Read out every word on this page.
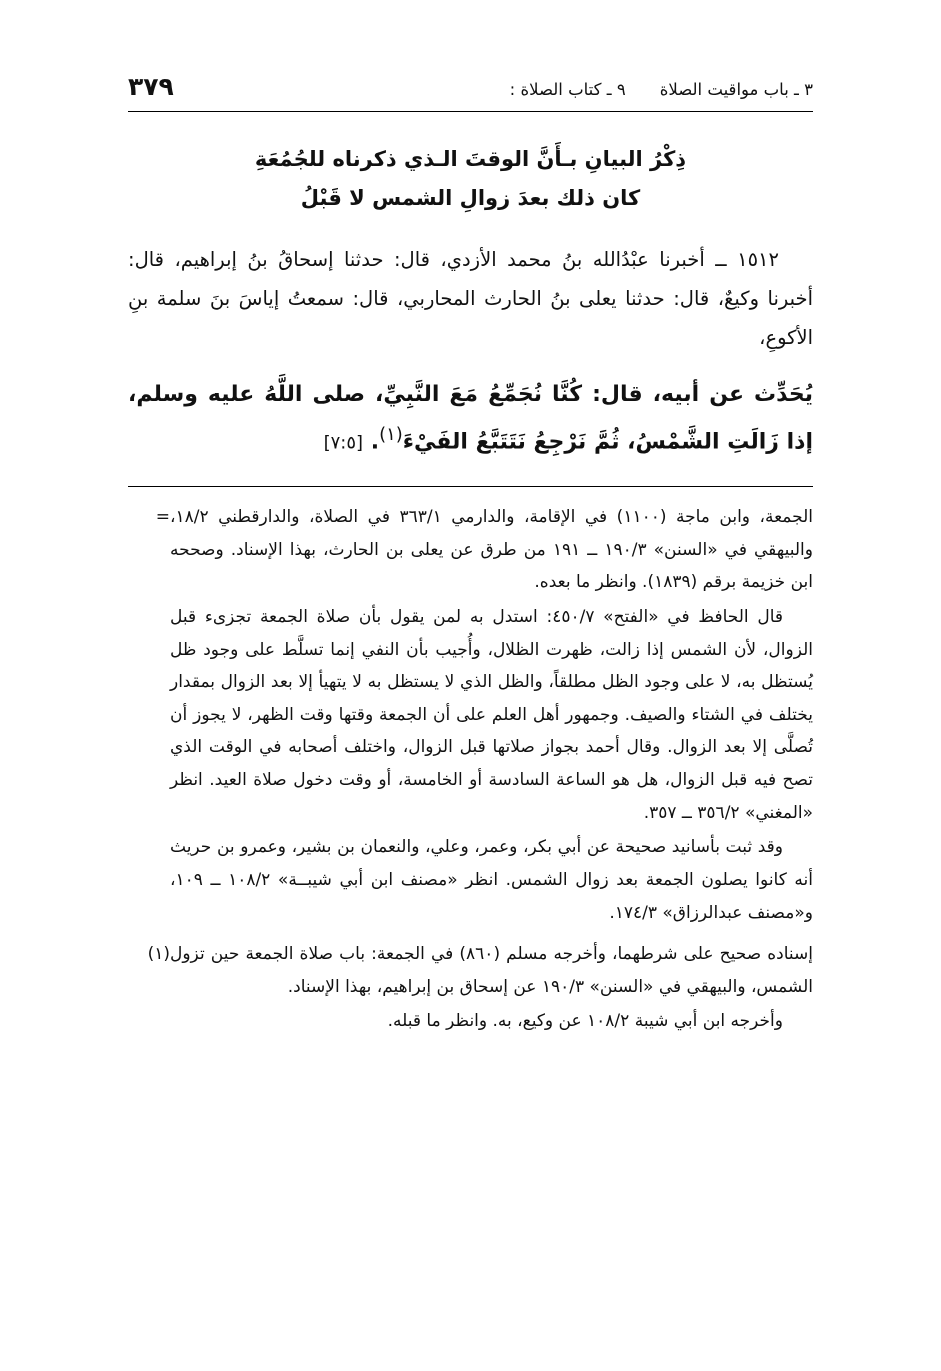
٣٧٩	٩ ـ كتاب الصلاة : ٣ ـ باب مواقيت الصلاة
ذِكْرُ البيانِ بـأَنَّ الوقتَ الـذي ذكرناه للجُمُعَةِ
كان ذلك بعدَ زوالِ الشمس لا قَبْلُ

١٥١٢ ــ أخبرنا عبْدُالله بنُ محمد الأزدي، قال: حدثنا إسحاقُ بنُ إبراهيم، قال: أخبرنا وكيعٌ، قال: حدثنا يعلى بنُ الحارث المحاربي، قال: سمعتُ إياسَ بنَ سلمة بنِ الأكوعِ،

يُحَدِّث عن أبيه، قال: كُنَّا نُجَمِّعُ مَعَ النَّبِيِّ، صلى اللَّهُ عليه وسلم، إذا زَالَتِ الشَّمْسُ، ثُمَّ نَرْجِعُ نَتَتَبَّعُ الفَيْءَ$^{(١)}$. [٧:٥]

= الجمعة، وابن ماجة (١١٠٠) في الإقامة، والدارمي ٣٦٣/١ في الصلاة، والدارقطني ١٨/٢، والبيهقي في «السنن» ١٩٠/٣ ــ ١٩١ من طرق عن يعلى بن الحارث، بهذا الإسناد. وصححه ابن خزيمة برقم (١٨٣٩). وانظر ما بعده.

قال الحافظ في «الفتح» ٤٥٠/٧: استدل به لمن يقول بأن صلاة الجمعة تجزىء قبل الزوال، لأن الشمس إذا زالت، ظهرت الظلال، وأُجيب بأن النفي إنما تسلَّط على وجود ظل يُستظل به، لا على وجود الظل مطلقاً، والظل الذي لا يستظل به لا يتهيأ إلا بعد الزوال بمقدار يختلف في الشتاء والصيف. وجمهور أهل العلم على أن الجمعة وقتها وقت الظهر، لا يجوز أن تُصلَّى إلا بعد الزوال. وقال أحمد بجواز صلاتها قبل الزوال، واختلف أصحابه في الوقت الذي تصح فيه قبل الزوال، هل هو الساعة السادسة أو الخامسة، أو وقت دخول صلاة العيد. انظر «المغني» ٣٥٦/٢ ــ ٣٥٧.

وقد ثبت بأسانيد صحيحة عن أبي بكر، وعمر، وعلي، والنعمان بن بشير، وعمرو بن حريث أنه كانوا يصلون الجمعة بعد زوال الشمس. انظر «مصنف ابن أبي شيبــة» ١٠٨/٢ ــ ١٠٩، و«مصنف عبدالرزاق» ١٧٤/٣.

(١) إسناده صحيح على شرطهما، وأخرجه مسلم (٨٦٠) في الجمعة: باب صلاة الجمعة حين تزول الشمس، والبيهقي في «السنن» ١٩٠/٣ عن إسحاق بن إبراهيم، بهذا الإسناد.

وأخرجه ابن أبي شيبة ١٠٨/٢ عن وكيع، به. وانظر ما قبله.
